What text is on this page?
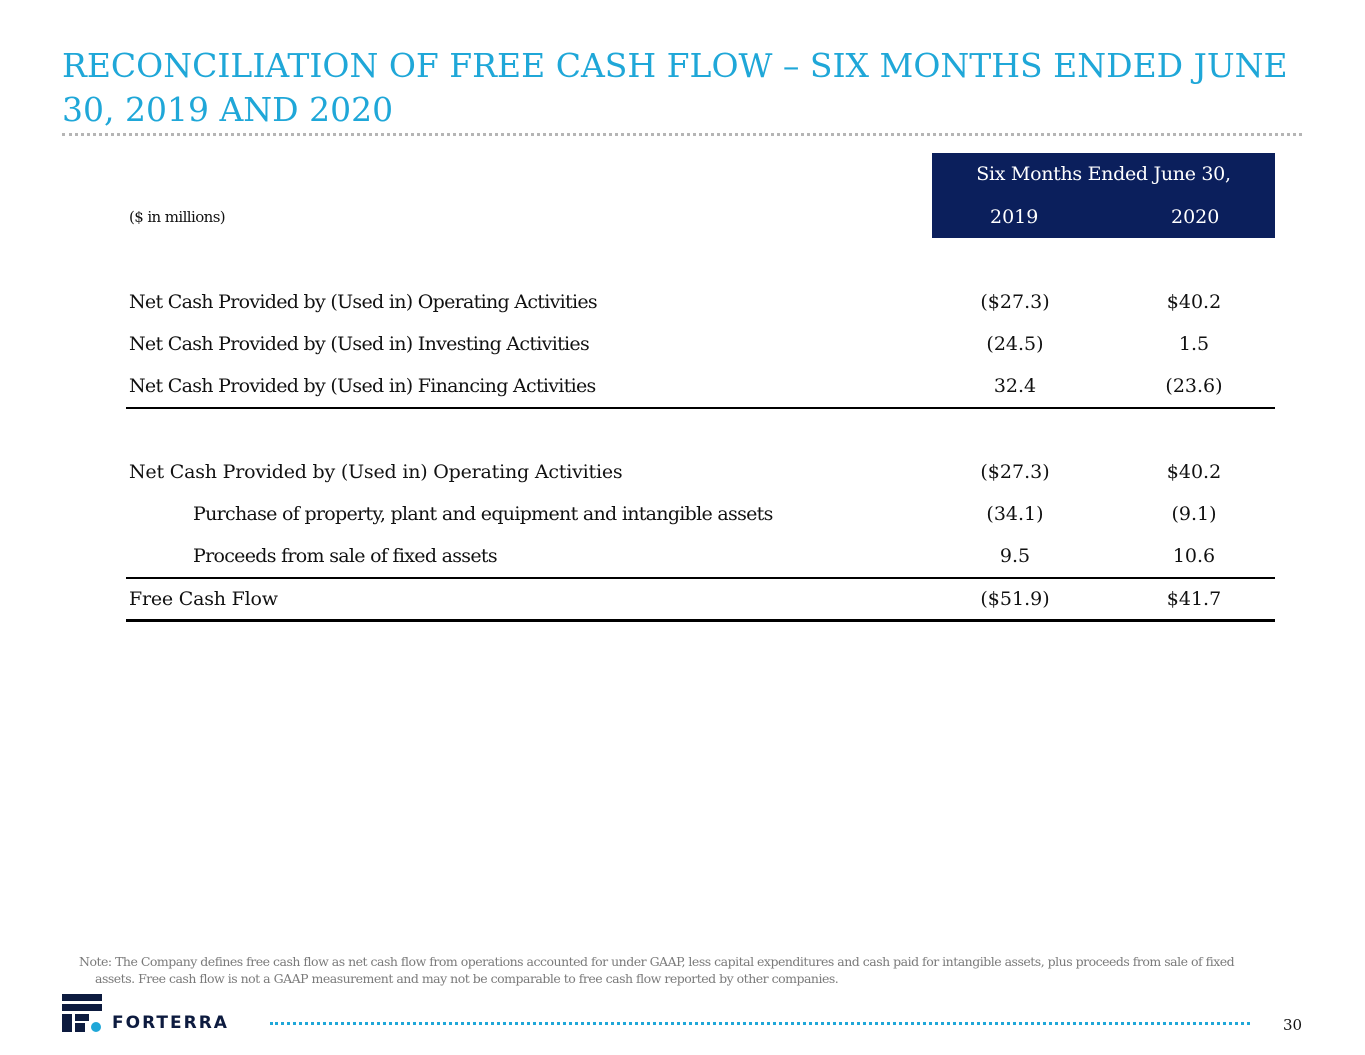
RECONCILIATION OF FREE CASH FLOW – SIX MONTHS ENDED JUNE 30, 2019 AND 2020
Six Months Ended June 30,
2019	2020
($ in millions)
Net Cash Provided by (Used in) Operating Activities	($27.3)	$40.2
Net Cash Provided by (Used in) Investing Activities	(24.5)	1.5
Net Cash Provided by (Used in) Financing Activities	32.4	(23.6)
Net Cash Provided by (Used in) Operating Activities	($27.3)	$40.2
Purchase of property, plant and equipment and intangible assets	(34.1)	(9.1)
Proceeds from sale of fixed assets	9.5	10.6
Free Cash Flow	($51.9)	$41.7
Note: The Company defines free cash flow as net cash flow from operations accounted for under GAAP, less capital expenditures and cash paid for intangible assets, plus proceeds from sale of fixed
assets. Free cash flow is not a GAAP measurement and may not be comparable to free cash flow reported by other companies.
FORTERRA	30
